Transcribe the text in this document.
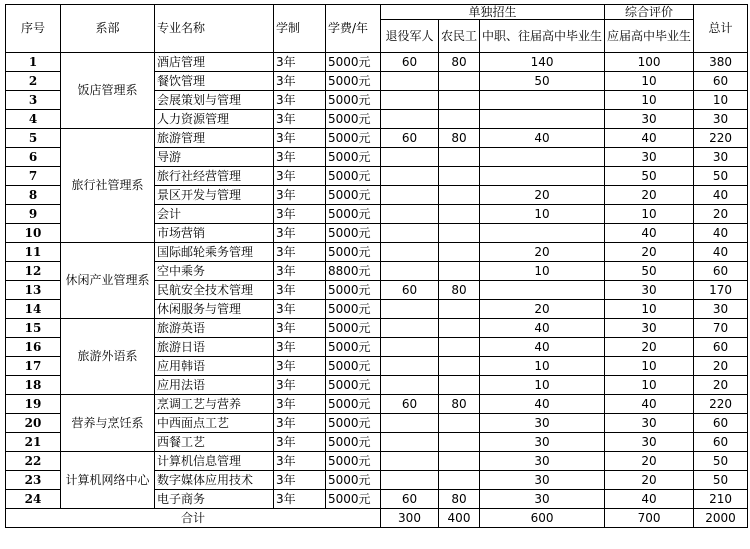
序号	系部	专业名称	学制	学费/年	单独招生			综合评价	总计
					退役军人	农民工	中职、往届高中毕业生	应届高中毕业生	
1	饭店管理系	酒店管理	3年	5000元	60	80	140	100	380
2		餐饮管理	3年	5000元			50	10	60
3		会展策划与管理	3年	5000元				10	10
4		人力资源管理	3年	5000元				30	30
5	旅行社管理系	旅游管理	3年	5000元	60	80	40	40	220
6		导游	3年	5000元				30	30
7		旅行社经营管理	3年	5000元				50	50
8		景区开发与管理	3年	5000元			20	20	40
9		会计	3年	5000元			10	10	20
10		市场营销	3年	5000元				40	40
11	休闲产业管理系	国际邮轮乘务管理	3年	5000元			20	20	40
12		空中乘务	3年	8800元			10	50	60
13		民航安全技术管理	3年	5000元	60	80		30	170
14		休闲服务与管理	3年	5000元			20	10	30
15	旅游外语系	旅游英语	3年	5000元			40	30	70
16		旅游日语	3年	5000元			40	20	60
17		应用韩语	3年	5000元			10	10	20
18		应用法语	3年	5000元			10	10	20
19	营养与烹饪系	烹调工艺与营养	3年	5000元	60	80	40	40	220
20		中西面点工艺	3年	5000元			30	30	60
21		西餐工艺	3年	5000元			30	30	60
22	计算机网络中心	计算机信息管理	3年	5000元			30	20	50
23		数字媒体应用技术	3年	5000元			30	20	50
24		电子商务	3年	5000元	60	80	30	40	210
合计					300	400	600	700	2000
